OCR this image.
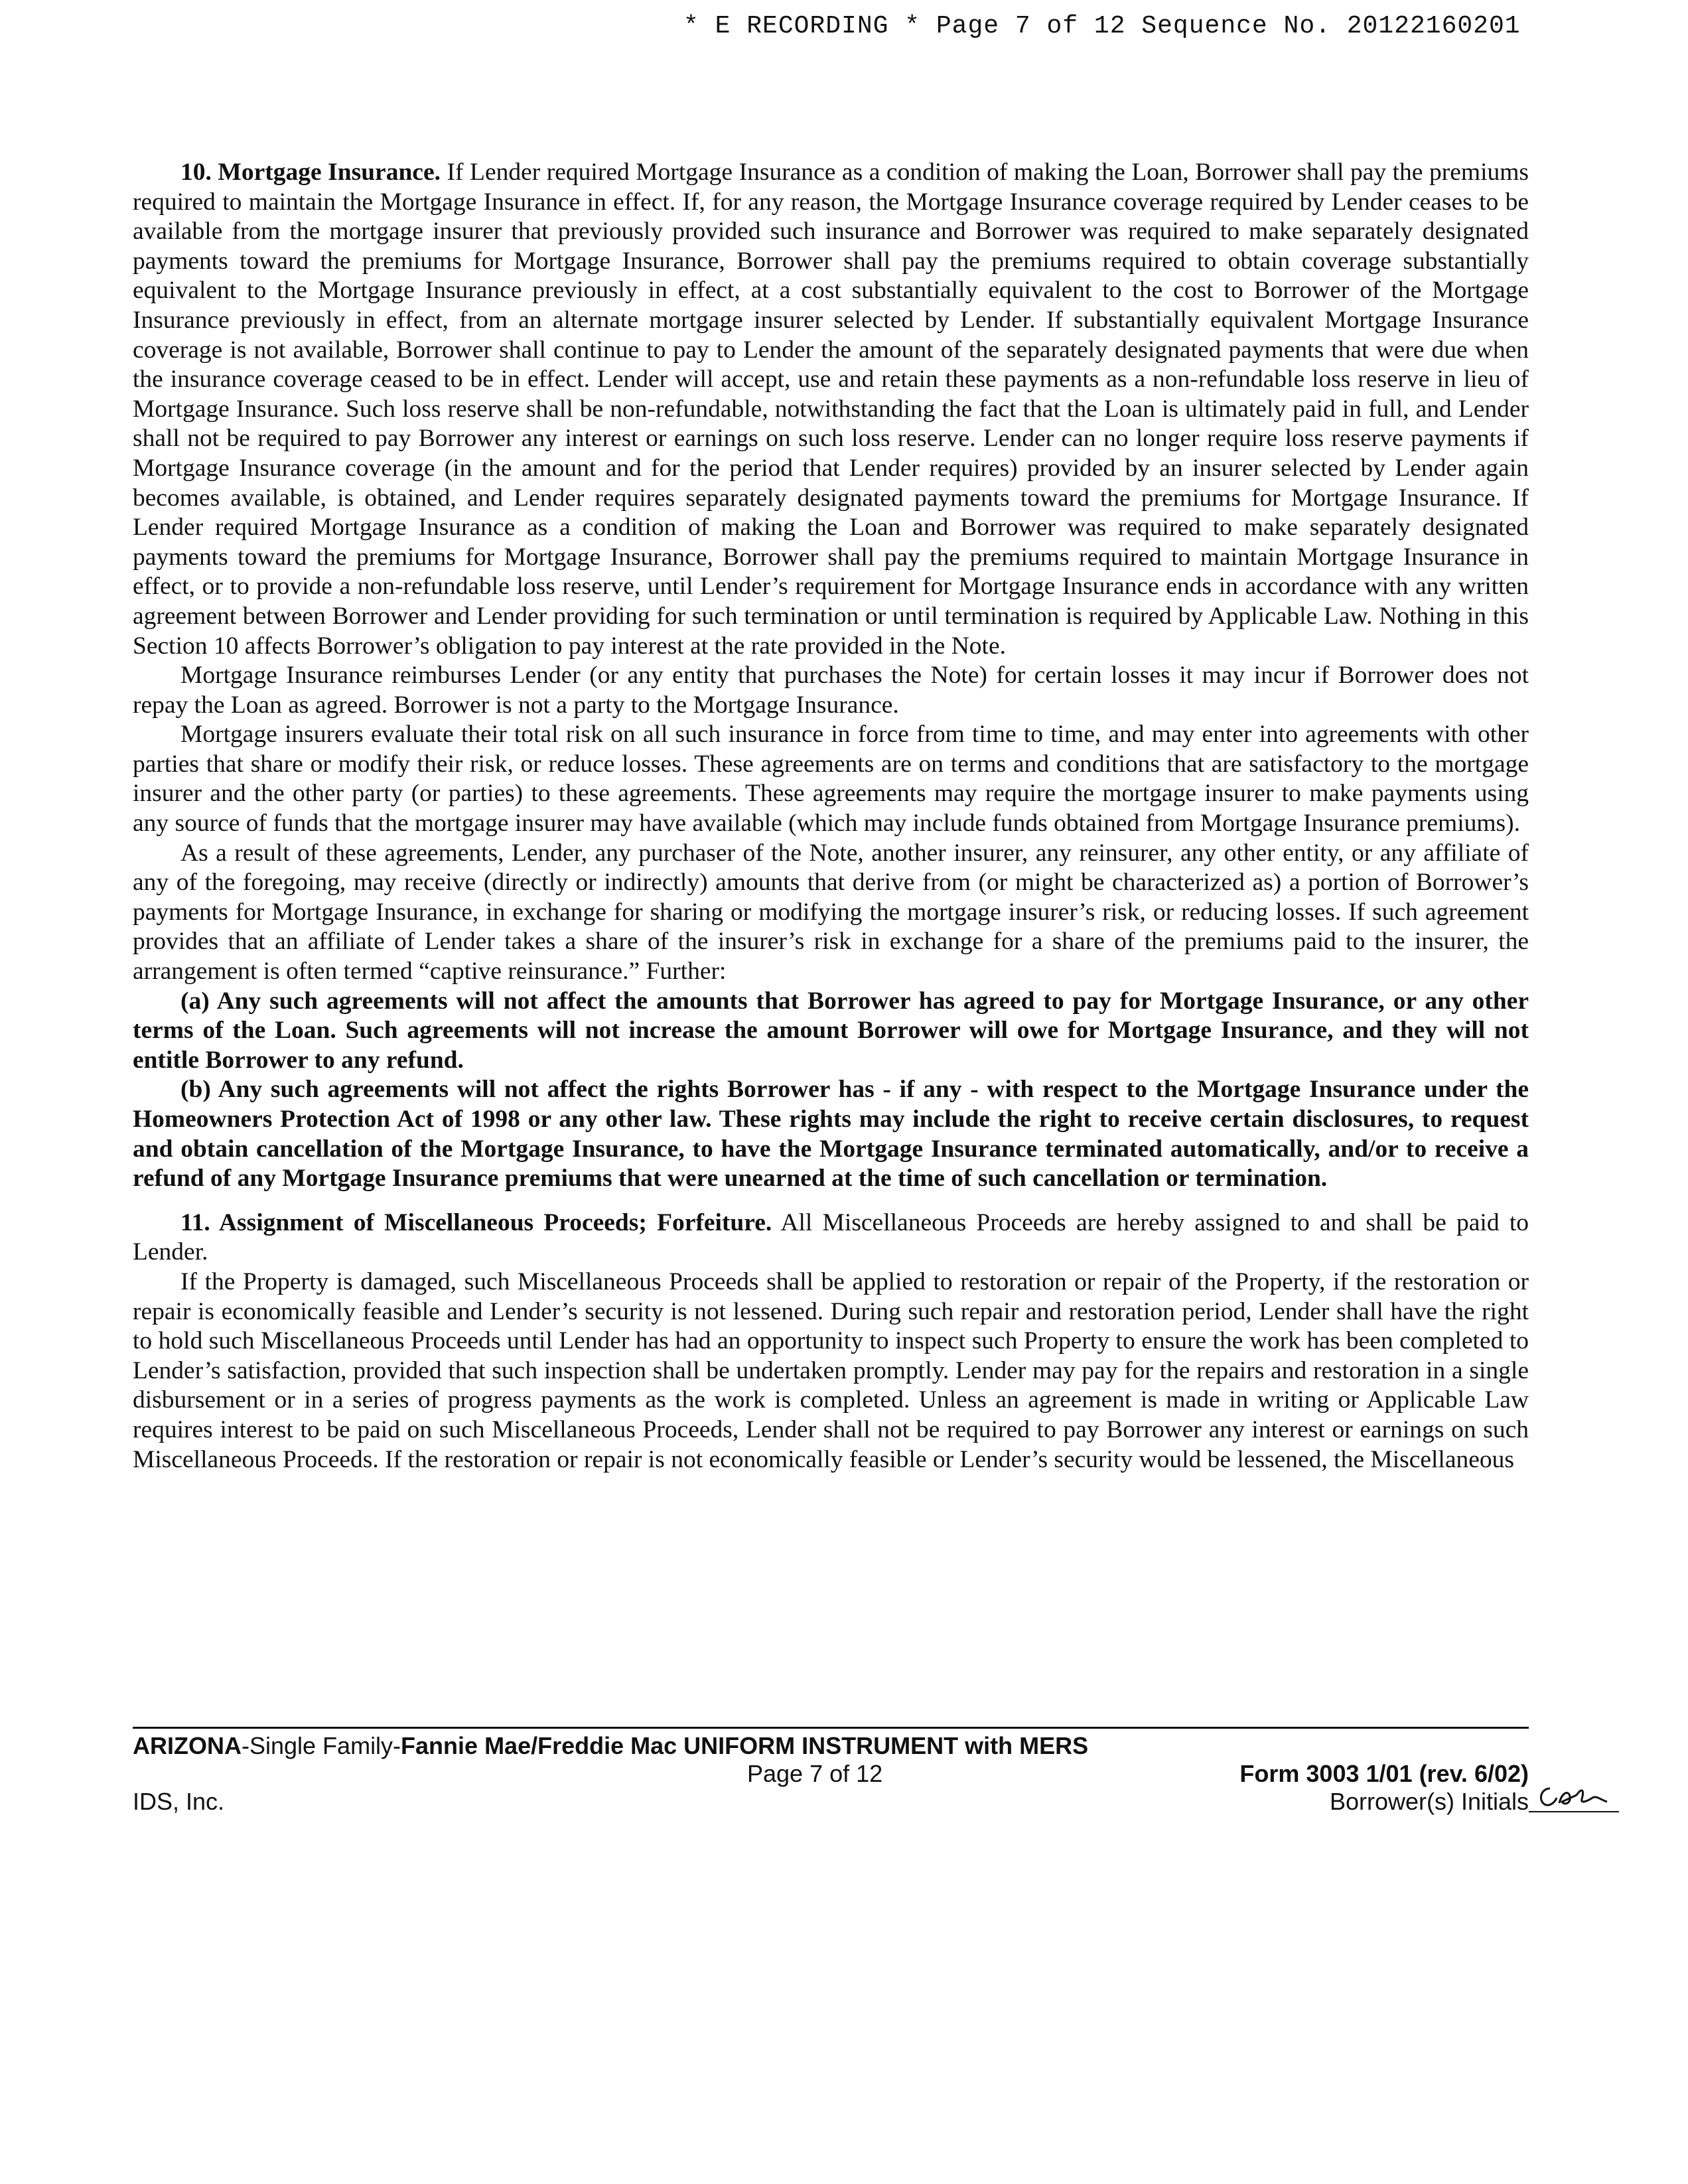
* E RECORDING * Page 7 of 12 Sequence No. 20122160201

10. Mortgage Insurance. If Lender required Mortgage Insurance as a condition of making the Loan, Borrower shall pay the premiums required to maintain the Mortgage Insurance in effect. If, for any reason, the Mortgage Insurance coverage required by Lender ceases to be available from the mortgage insurer that previously provided such insurance and Borrower was required to make separately designated payments toward the premiums for Mortgage Insurance, Borrower shall pay the premiums required to obtain coverage substantially equivalent to the Mortgage Insurance previously in effect, at a cost substantially equivalent to the cost to Borrower of the Mortgage Insurance previously in effect, from an alternate mortgage insurer selected by Lender. If substantially equivalent Mortgage Insurance coverage is not available, Borrower shall continue to pay to Lender the amount of the separately designated payments that were due when the insurance coverage ceased to be in effect. Lender will accept, use and retain these payments as a non-refundable loss reserve in lieu of Mortgage Insurance. Such loss reserve shall be non-refundable, notwithstanding the fact that the Loan is ultimately paid in full, and Lender shall not be required to pay Borrower any interest or earnings on such loss reserve. Lender can no longer require loss reserve payments if Mortgage Insurance coverage (in the amount and for the period that Lender requires) provided by an insurer selected by Lender again becomes available, is obtained, and Lender requires separately designated payments toward the premiums for Mortgage Insurance. If Lender required Mortgage Insurance as a condition of making the Loan and Borrower was required to make separately designated payments toward the premiums for Mortgage Insurance, Borrower shall pay the premiums required to maintain Mortgage Insurance in effect, or to provide a non-refundable loss reserve, until Lender’s requirement for Mortgage Insurance ends in accordance with any written agreement between Borrower and Lender providing for such termination or until termination is required by Applicable Law. Nothing in this Section 10 affects Borrower’s obligation to pay interest at the rate provided in the Note.

Mortgage Insurance reimburses Lender (or any entity that purchases the Note) for certain losses it may incur if Borrower does not repay the Loan as agreed. Borrower is not a party to the Mortgage Insurance.

Mortgage insurers evaluate their total risk on all such insurance in force from time to time, and may enter into agreements with other parties that share or modify their risk, or reduce losses. These agreements are on terms and conditions that are satisfactory to the mortgage insurer and the other party (or parties) to these agreements. These agreements may require the mortgage insurer to make payments using any source of funds that the mortgage insurer may have available (which may include funds obtained from Mortgage Insurance premiums).

As a result of these agreements, Lender, any purchaser of the Note, another insurer, any reinsurer, any other entity, or any affiliate of any of the foregoing, may receive (directly or indirectly) amounts that derive from (or might be characterized as) a portion of Borrower’s payments for Mortgage Insurance, in exchange for sharing or modifying the mortgage insurer’s risk, or reducing losses. If such agreement provides that an affiliate of Lender takes a share of the insurer’s risk in exchange for a share of the premiums paid to the insurer, the arrangement is often termed “captive reinsurance.” Further:

(a) Any such agreements will not affect the amounts that Borrower has agreed to pay for Mortgage Insurance, or any other terms of the Loan. Such agreements will not increase the amount Borrower will owe for Mortgage Insurance, and they will not entitle Borrower to any refund.

(b) Any such agreements will not affect the rights Borrower has - if any - with respect to the Mortgage Insurance under the Homeowners Protection Act of 1998 or any other law. These rights may include the right to receive certain disclosures, to request and obtain cancellation of the Mortgage Insurance, to have the Mortgage Insurance terminated automatically, and/or to receive a refund of any Mortgage Insurance premiums that were unearned at the time of such cancellation or termination.

11. Assignment of Miscellaneous Proceeds; Forfeiture. All Miscellaneous Proceeds are hereby assigned to and shall be paid to Lender.

If the Property is damaged, such Miscellaneous Proceeds shall be applied to restoration or repair of the Property, if the restoration or repair is economically feasible and Lender’s security is not lessened. During such repair and restoration period, Lender shall have the right to hold such Miscellaneous Proceeds until Lender has had an opportunity to inspect such Property to ensure the work has been completed to Lender’s satisfaction, provided that such inspection shall be undertaken promptly. Lender may pay for the repairs and restoration in a single disbursement or in a series of progress payments as the work is completed. Unless an agreement is made in writing or Applicable Law requires interest to be paid on such Miscellaneous Proceeds, Lender shall not be required to pay Borrower any interest or earnings on such Miscellaneous Proceeds. If the restoration or repair is not economically feasible or Lender’s security would be lessened, the Miscellaneous

ARIZONA-Single Family-Fannie Mae/Freddie Mac UNIFORM INSTRUMENT with MERS
Page 7 of 12	Form 3003 1/01 (rev. 6/02)
IDS, Inc.	Borrower(s) Initials
